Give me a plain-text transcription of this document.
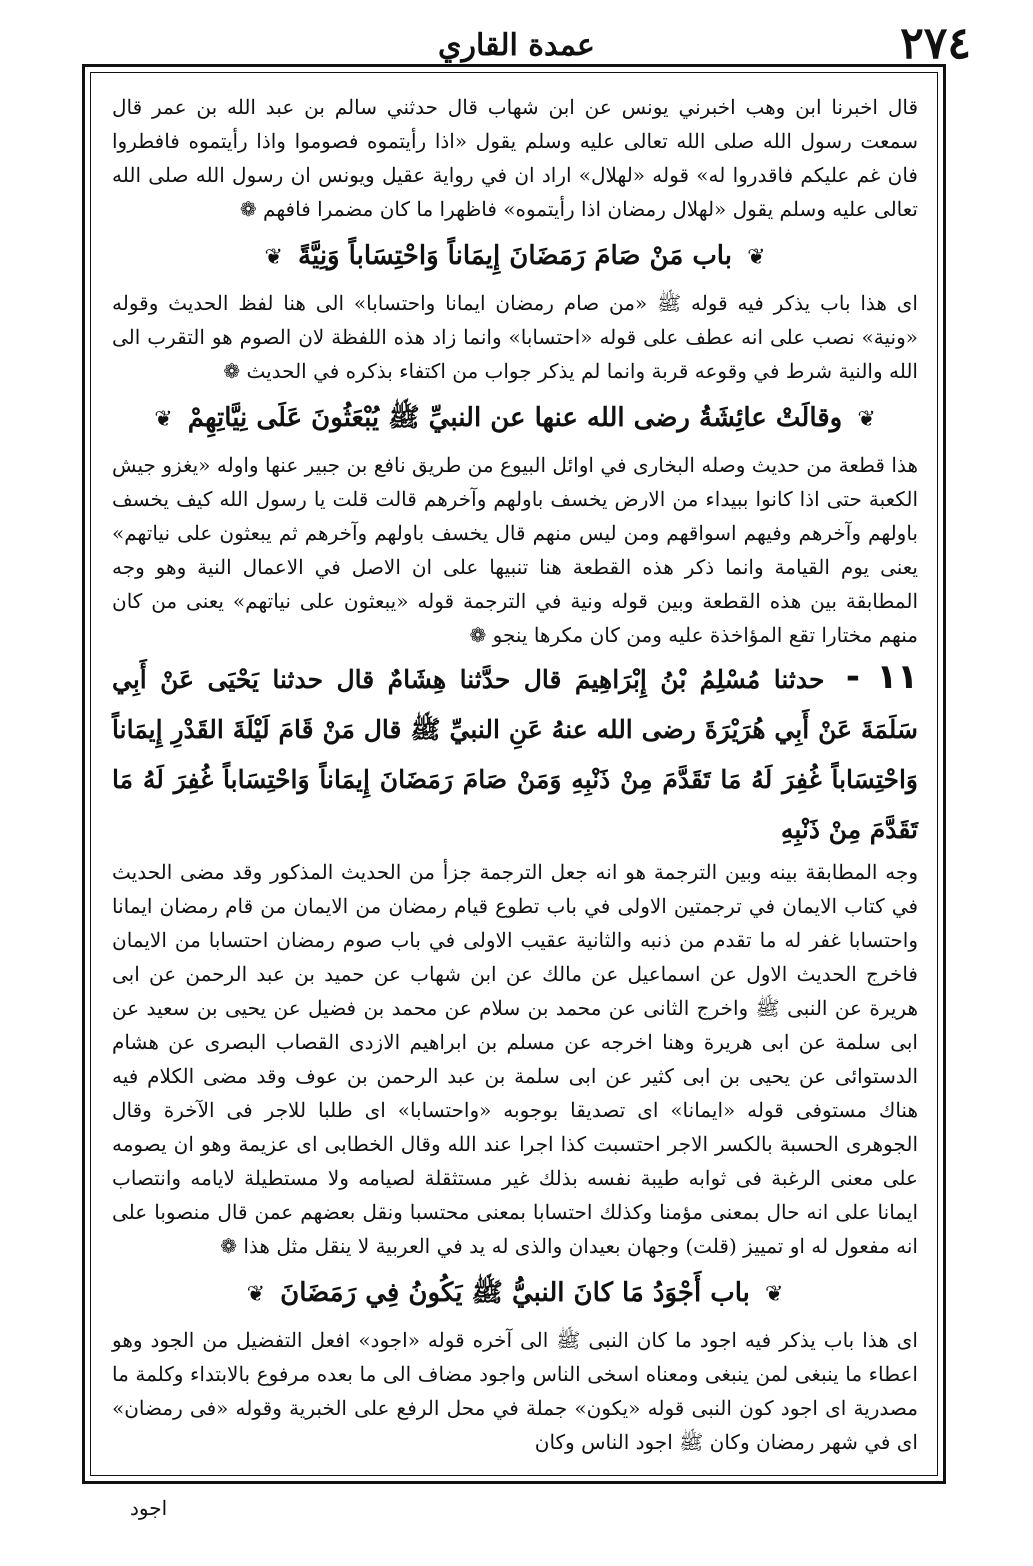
٢٧٤
عمدة القاري

قال اخبرنا ابن وهب اخبرني يونس عن ابن شهاب قال حدثني سالم بن عبد الله بن عمر قال سمعت رسول الله صلى الله تعالى عليه وسلم يقول «اذا رأيتموه فصوموا واذا رأيتموه فافطروا فان غم عليكم فاقدروا له» قوله «لهلال» اراد ان في رواية عقيل ويونس ان رسول الله صلى الله تعالى عليه وسلم يقول «لهلال رمضان اذا رأيتموه» فاظهرا ما كان مضمرا فافهم ❁

❦ باب مَنْ صَامَ رَمَضَانَ إِيمَاناً وَاحْتِسَاباً وَنِيَّةً ❦

اى هذا باب يذكر فيه قوله ﷺ «من صام رمضان ايمانا واحتسابا» الى هنا لفظ الحديث وقوله «ونية» نصب على انه عطف على قوله «احتسابا» وانما زاد هذه اللفظة لان الصوم هو التقرب الى الله والنية شرط في وقوعه قربة وانما لم يذكر جواب من اكتفاء بذكره في الحديث ❁

❦ وقالَتْ عائِشَةُ رضى الله عنها عن النبيِّ ﷺ يُبْعَثُونَ عَلَى نِيَّاتِهِمْ ❦

هذا قطعة من حديث وصله البخارى في اوائل البيوع من طريق نافع بن جبير عنها واوله «يغزو جيش الكعبة حتى اذا كانوا ببيداء من الارض يخسف باولهم وآخرهم قالت قلت يا رسول الله كيف يخسف باولهم وآخرهم وفيهم اسواقهم ومن ليس منهم قال يخسف باولهم وآخرهم ثم يبعثون على نياتهم» يعنى يوم القيامة وانما ذكر هذه القطعة هنا تنبيها على ان الاصل في الاعمال النية وهو وجه المطابقة بين هذه القطعة وبين قوله ونية في الترجمة قوله «يبعثون على نياتهم» يعنى من كان منهم مختارا تقع المؤاخذة عليه ومن كان مكرها ينجو ❁

١١ - حدثنا مُسْلِمُ بْنُ إِبْرَاهِيمَ قال حدَّثنا هِشَامٌ قال حدثنا يَحْيَى عَنْ أَبِي سَلَمَةَ عَنْ أَبِي هُرَيْرَةَ رضى الله عنهُ عَنِ النبيِّ ﷺ قال مَنْ قَامَ لَيْلَةَ القَدْرِ إِيمَاناً وَاحْتِسَاباً غُفِرَ لَهُ مَا تَقَدَّمَ مِنْ ذَنْبِهِ وَمَنْ صَامَ رَمَضَانَ إِيمَاناً وَاحْتِسَاباً غُفِرَ لَهُ مَا تَقَدَّمَ مِنْ ذَنْبِهِ

وجه المطابقة بينه وبين الترجمة هو انه جعل الترجمة جزأ من الحديث المذكور وقد مضى الحديث في كتاب الايمان في ترجمتين الاولى في باب تطوع قيام رمضان من الايمان من قام رمضان ايمانا واحتسابا غفر له ما تقدم من ذنبه والثانية عقيب الاولى في باب صوم رمضان احتسابا من الايمان فاخرج الحديث الاول عن اسماعيل عن مالك عن ابن شهاب عن حميد بن عبد الرحمن عن ابى هريرة عن النبى ﷺ واخرج الثانى عن محمد بن سلام عن محمد بن فضيل عن يحيى بن سعيد عن ابى سلمة عن ابى هريرة وهنا اخرجه عن مسلم بن ابراهيم الازدى القصاب البصرى عن هشام الدستوائى عن يحيى بن ابى كثير عن ابى سلمة بن عبد الرحمن بن عوف وقد مضى الكلام فيه هناك مستوفى قوله «ايمانا» اى تصديقا بوجوبه «واحتسابا» اى طلبا للاجر فى الآخرة وقال الجوهرى الحسبة بالكسر الاجر احتسبت كذا اجرا عند الله وقال الخطابى اى عزيمة وهو ان يصومه على معنى الرغبة فى ثوابه طيبة نفسه بذلك غير مستثقلة لصيامه ولا مستطيلة لايامه وانتصاب ايمانا على انه حال بمعنى مؤمنا وكذلك احتسابا بمعنى محتسبا ونقل بعضهم عمن قال منصوبا على انه مفعول له او تمييز (قلت) وجهان بعيدان والذى له يد في العربية لا ينقل مثل هذا ❁

❦ باب أَجْوَدُ مَا كانَ النبيُّ ﷺ يَكُونُ فِي رَمَضَانَ ❦

اى هذا باب يذكر فيه اجود ما كان النبى ﷺ الى آخره قوله «اجود» افعل التفضيل من الجود وهو اعطاء ما ينبغى لمن ينبغى ومعناه اسخى الناس واجود مضاف الى ما بعده مرفوع بالابتداء وكلمة ما مصدرية اى اجود كون النبى قوله «يكون» جملة في محل الرفع على الخبرية وقوله «فى رمضان» اى في شهر رمضان وكان ﷺ اجود الناس وكان

اجود
